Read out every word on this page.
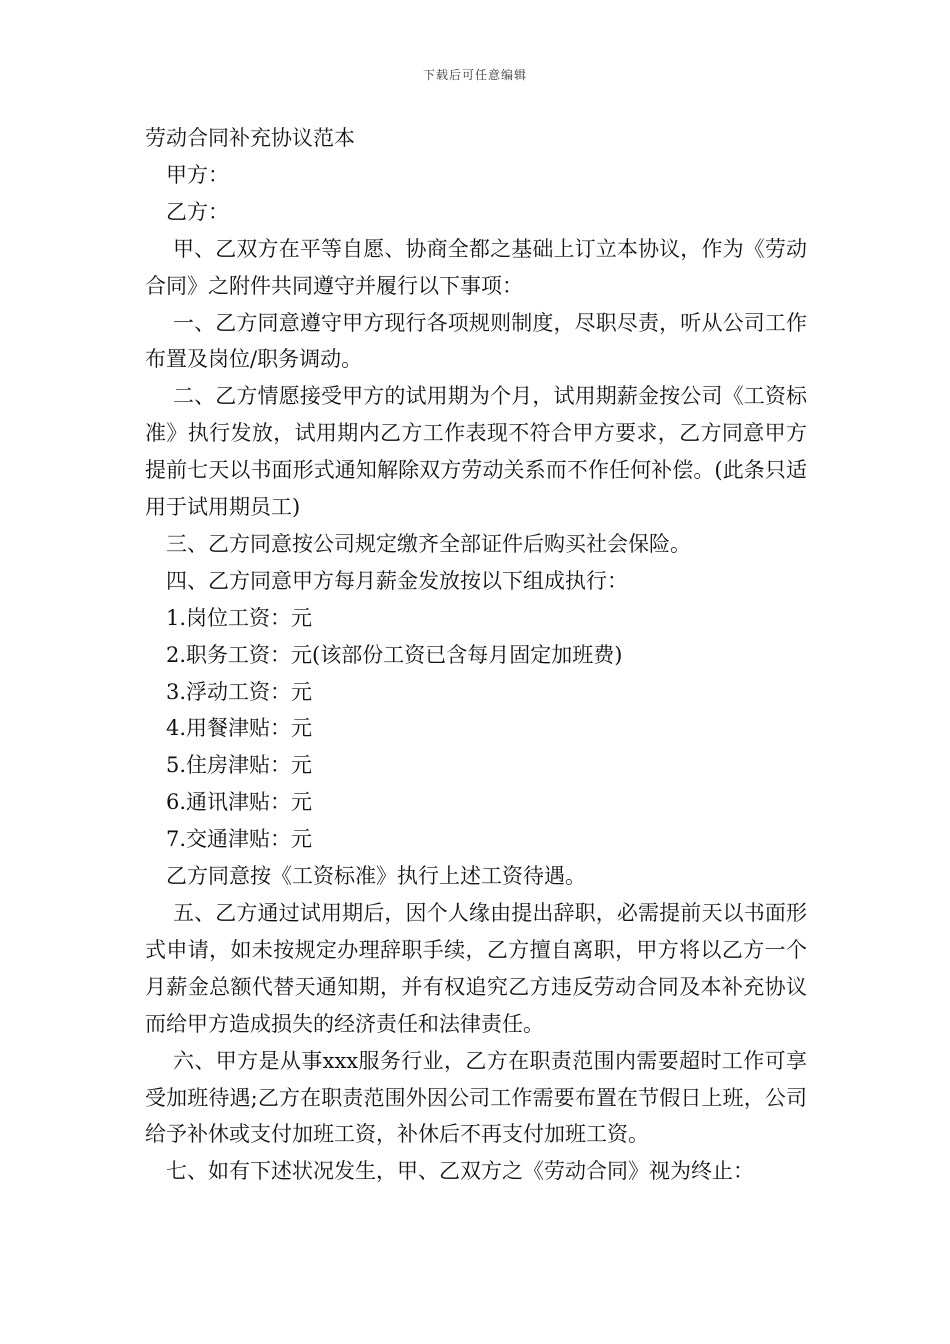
下载后可任意编辑
劳动合同补充协议范本

甲方：

乙方：

甲、乙双方在平等自愿、协商全都之基础上订立本协议，作为《劳动合同》之附件共同遵守并履行以下事项：

一、乙方同意遵守甲方现行各项规则制度，尽职尽责，听从公司工作布置及岗位/职务调动。

二、乙方情愿接受甲方的试用期为个月，试用期薪金按公司《工资标准》执行发放，试用期内乙方工作表现不符合甲方要求，乙方同意甲方提前七天以书面形式通知解除双方劳动关系而不作任何补偿。(此条只适用于试用期员工)

三、乙方同意按公司规定缴齐全部证件后购买社会保险。

四、乙方同意甲方每月薪金发放按以下组成执行：

1.岗位工资：元

2.职务工资：元(该部份工资已含每月固定加班费)

3.浮动工资：元

4.用餐津贴：元

5.住房津贴：元

6.通讯津贴：元

7.交通津贴：元

乙方同意按《工资标准》执行上述工资待遇。

五、乙方通过试用期后，因个人缘由提出辞职，必需提前天以书面形式申请，如未按规定办理辞职手续，乙方擅自离职，甲方将以乙方一个月薪金总额代替天通知期，并有权追究乙方违反劳动合同及本补充协议而给甲方造成损失的经济责任和法律责任。

六、甲方是从事xxx服务行业，乙方在职责范围内需要超时工作可享受加班待遇;乙方在职责范围外因公司工作需要布置在节假日上班，公司给予补休或支付加班工资，补休后不再支付加班工资。

七、如有下述状况发生，甲、乙双方之《劳动合同》视为终止：
